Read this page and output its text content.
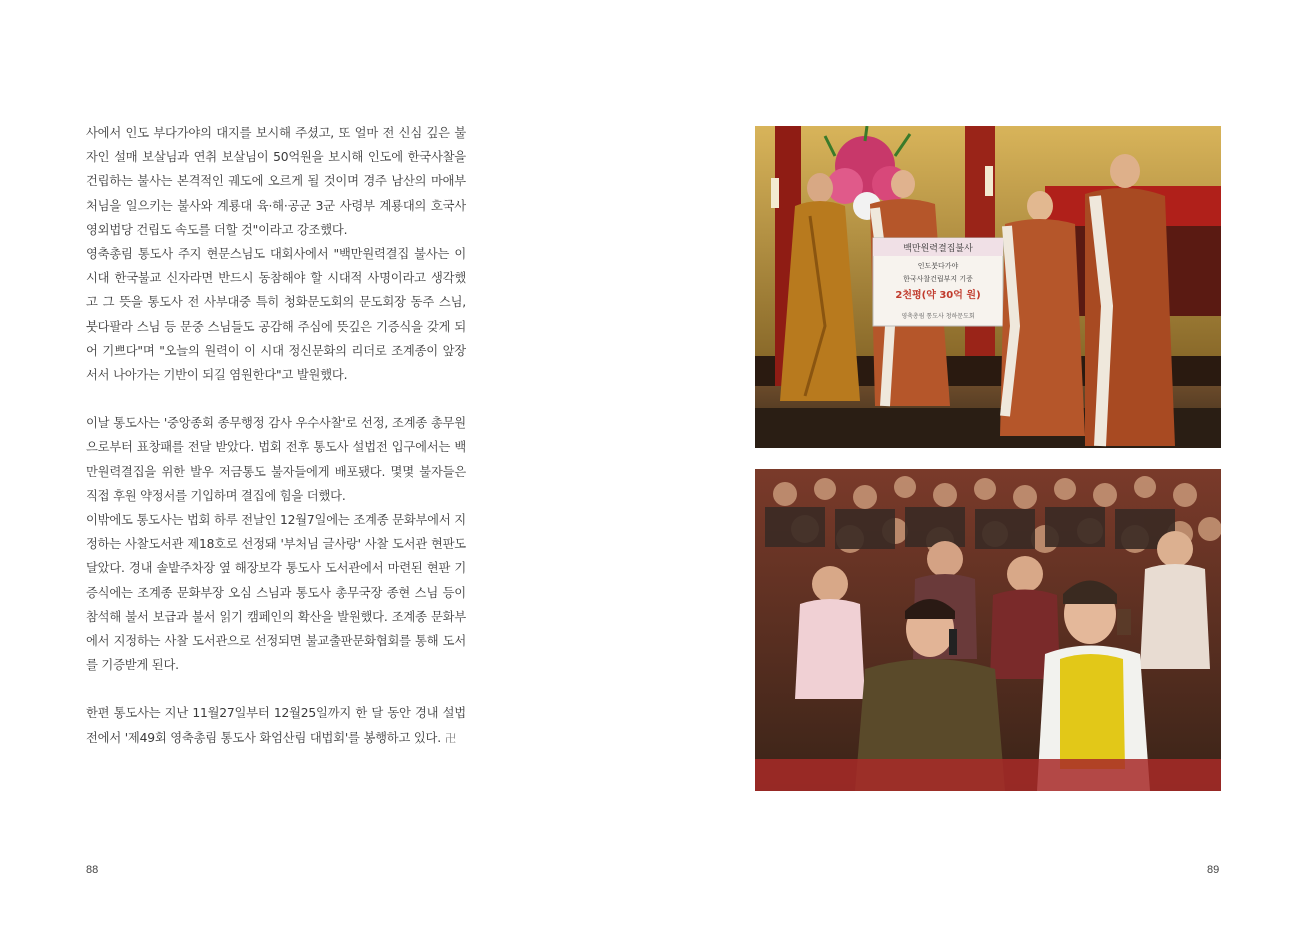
사에서 인도 부다가야의 대지를 보시해 주셨고, 또 얼마 전 신심 깊은 불자인 설매 보살님과 연취 보살님이 50억원을 보시해 인도에 한국사찰을 건립하는 불사는 본격적인 궤도에 오르게 될 것이며 경주 남산의 마애부처님을 일으키는 불사와 계룡대 육·해·공군 3군 사령부 계룡대의 호국사 영외법당 건립도 속도를 더할 것"이라고 강조했다.

영축총림 통도사 주지 현문스님도 대회사에서 "백만원력결집 불사는 이 시대 한국불교 신자라면 반드시 동참해야 할 시대적 사명이라고 생각했고 그 뜻을 통도사 전 사부대중 특히 청화문도회의 문도회장 동주 스님, 붓다팔라 스님 등 문중 스님들도 공감해 주심에 뜻깊은 기증식을 갖게 되어 기쁘다"며 "오늘의 원력이 이 시대 정신문화의 리더로 조계종이 앞장서서 나아가는 기반이 되길 염원한다"고 발원했다.

이날 통도사는 '중앙종회 종무행정 감사 우수사찰'로 선정, 조계종 총무원으로부터 표창패를 전달 받았다. 법회 전후 통도사 설법전 입구에서는 백만원력결집을 위한 발우 저금통도 불자들에게 배포됐다. 몇몇 불자들은 직접 후원 약정서를 기입하며 결집에 힘을 더했다.

이밖에도 통도사는 법회 하루 전날인 12월7일에는 조계종 문화부에서 지정하는 사찰도서관 제18호로 선정돼 '부처님 글사랑' 사찰 도서관 현판도 달았다. 경내 솔밭주차장 옆 해장보각 통도사 도서관에서 마련된 현판 기증식에는 조계종 문화부장 오심 스님과 통도사 총무국장 종현 스님 등이 참석해 불서 보급과 불서 읽기 캠페인의 확산을 발원했다. 조계종 문화부에서 지정하는 사찰 도서관으로 선정되면 불교출판문화협회를 통해 도서를 기증받게 된다.

한편 통도사는 지난 11월27일부터 12월25일까지 한 달 동안 경내 설법전에서 '제49회 영축총림 통도사 화엄산림 대법회'를 봉행하고 있다. 卍

백만원력결집불사
인도붓다가야
한국사찰건립부지 기증
2천평(약 30억 원)
영축총림 통도사 청하문도회
88	89
